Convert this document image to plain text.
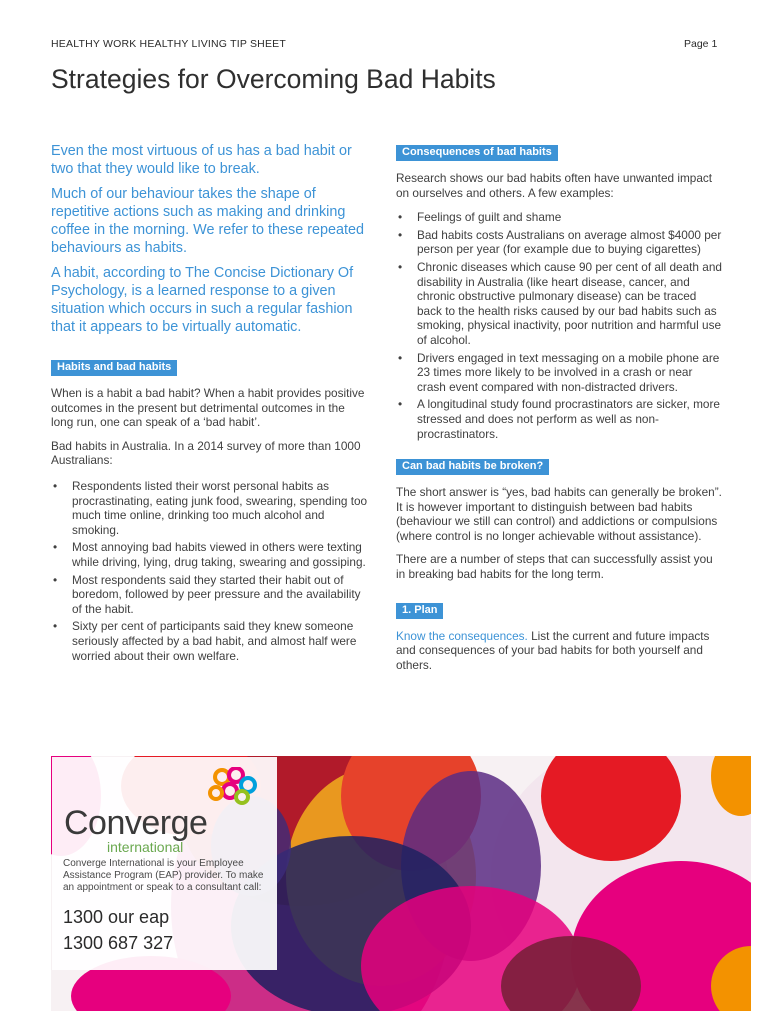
HEALTHY WORK HEALTHY LIVING TIP SHEET	Page 1
Strategies for Overcoming Bad Habits

Even the most virtuous of us has a bad habit or two that they would like to break.

Much of our behaviour takes the shape of repetitive actions such as making and drinking coffee in the morning. We refer to these repeated behaviours as habits.

A habit, according to The Concise Dictionary Of Psychology, is a learned response to a given situation which occurs in such a regular fashion that it appears to be virtually automatic.

Habits and bad habits

When is a habit a bad habit? When a habit provides positive outcomes in the present but detrimental outcomes in the long run, one can speak of a ‘bad habit’.

Bad habits in Australia. In a 2014 survey of more than 1000 Australians:

• Respondents listed their worst personal habits as procrastinating, eating junk food, swearing, spending too much time online, drinking too much alcohol and smoking.
• Most annoying bad habits viewed in others were texting while driving, lying, drug taking, swearing and gossiping.
• Most respondents said they started their habit out of boredom, followed by peer pressure and the availability of the habit.
• Sixty per cent of participants said they knew someone seriously affected by a bad habit, and almost half were worried about their own welfare.
Consequences of bad habits

Research shows our bad habits often have unwanted impact on ourselves and others. A few examples:

• Feelings of guilt and shame
• Bad habits costs Australians on average almost $4000 per person per year (for example due to buying cigarettes)
• Chronic diseases which cause 90 per cent of all death and disability in Australia (like heart disease, cancer, and chronic obstructive pulmonary disease) can be traced back to the health risks caused by our bad habits such as smoking, physical inactivity, poor nutrition and harmful use of alcohol.
• Drivers engaged in text messaging on a mobile phone are 23 times more likely to be involved in a crash or near crash event compared with non-distracted drivers.
• A longitudinal study found procrastinators are sicker, more stressed and does not perform as well as non-procrastinators.
Can bad habits be broken?

The short answer is “yes, bad habits can generally be broken”. It is however important to distinguish between bad habits (behaviour we still can control) and addictions or compulsions (where control is no longer achievable without assistance).

There are a number of steps that can successfully assist you in breaking bad habits for the long term.

1. Plan

Know the consequences. List the current and future impacts and consequences of your bad habits for both yourself and others.

Converge
international
Converge International is your Employee Assistance Program (EAP) provider. To make an appointment or speak to a consultant call:
1300 our eap
1300 687 327
